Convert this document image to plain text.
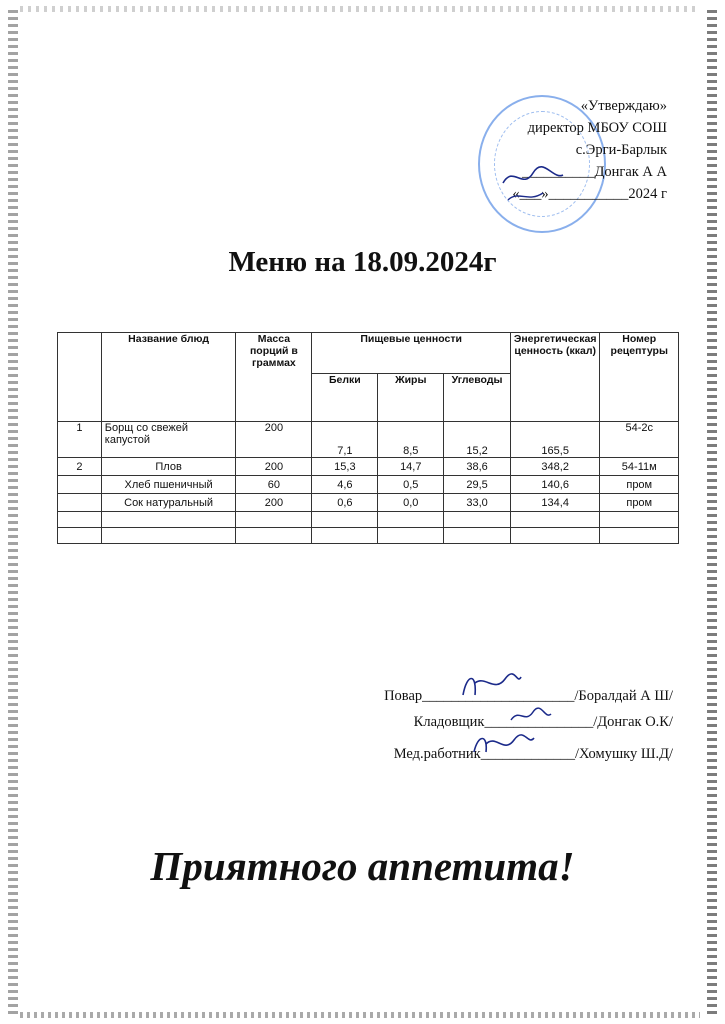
«Утверждаю»
директор МБОУ СОШ
с.Эрги-Барлык
__________Донгак А А
«___»___________2024 г
Меню на 18.09.2024г
	Название блюд	Масса порций в граммах	Пищевые ценности			Энергетическая ценность (ккал)	Номер рецептуры
			Белки	Жиры	Углеводы		
1	Борщ со свежей капустой	200	7,1	8,5	15,2	165,5	54-2с
2	Плов	200	15,3	14,7	38,6	348,2	54-11м
	Хлеб пшеничный	60	4,6	0,5	29,5	140,6	пром
	Сок натуральный	200	0,6	0,0	33,0	134,4	пром

Повар_____________________/Боралдай А Ш/
Кладовщик_______________/Донгак О.К/
Мед.работник_____________/Хомушку Ш.Д/
Приятного аппетита!
